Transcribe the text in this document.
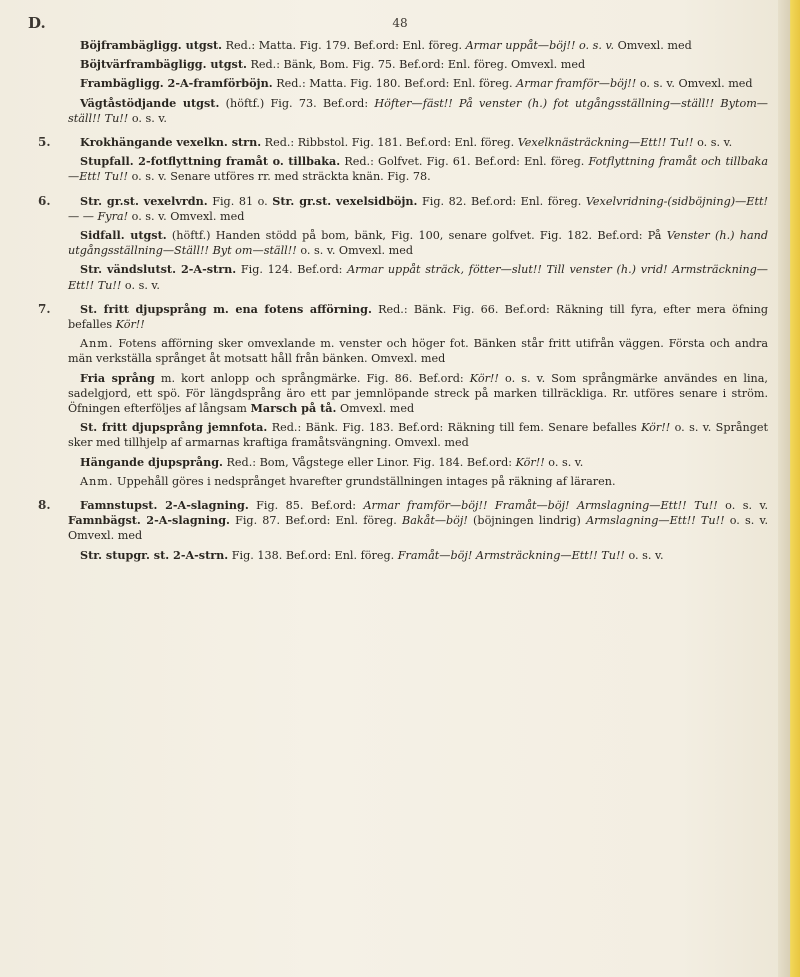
D.	48

Böjframbägligg. utgst. Red.: Matta. Fig. 179. Bef.ord: Enl. föreg. Armar uppåt—böj!! o. s. v. Omvexl. med

Böjtvärframbägligg. utgst. Red.: Bänk, Bom. Fig. 75. Bef.ord: Enl. föreg. Omvexl. med

Frambägligg. 2-A-framförböjn. Red.: Matta. Fig. 180. Bef.ord: Enl. föreg. Armar framför—böj!! o. s. v. Omvexl. med

Vägtåstödjande utgst. (höftf.) Fig. 73. Bef.ord: Höfter—fäst!! På venster (h.) fot utgångsställning—ställ!! Bytom—ställ!! Tu!! o. s. v.

5.	Krokhängande vexelkn. strn. Red.: Ribbstol. Fig. 181. Bef.ord: Enl. föreg. Vexelknästräckning—Ett!! Tu!! o. s. v.

Stupfall. 2-fotflyttning framåt o. tillbaka. Red.: Golfvet. Fig. 61. Bef.ord: Enl. föreg. Fotflyttning framåt och tillbaka—Ett! Tu!! o. s. v. Senare utföres rr. med sträckta knän. Fig. 78.

6.	Str. gr.st. vexelvrdn. Fig. 81 o. Str. gr.st. vexelsidböjn. Fig. 82. Bef.ord: Enl. föreg. Vexelvridning-(sidböjning)—Ett! — — Fyra! o. s. v. Omvexl. med

Sidfall. utgst. (höftf.) Handen stödd på bom, bänk, Fig. 100, senare golfvet. Fig. 182. Bef.ord: På Venster (h.) hand utgångsställning—Ställ!! Byt om—ställ!! o. s. v. Omvexl. med

Str. vändslutst. 2-A-strn. Fig. 124. Bef.ord: Armar uppåt sträck, fötter—slut!! Till venster (h.) vrid! Armsträckning—Ett!! Tu!! o. s. v.

7.	St. fritt djupsprång m. ena fotens afförning. Red.: Bänk. Fig. 66. Bef.ord: Räkning till fyra, efter mera öfning befalles Kör!!

Anm. Fotens afförning sker omvexlande m. venster och höger fot. Bänken står fritt utifrån väggen. Första och andra män verkställa språnget åt motsatt håll från bänken. Omvexl. med

Fria språng m. kort anlopp och språngmärke. Fig. 86. Bef.ord: Kör!! o. s. v. Som språngmärke användes en lina, sadelgjord, ett spö. För längdsprång äro ett par jemnlöpande streck på marken tillräckliga. Rr. utföres senare i ström. Öfningen efterföljes af långsam Marsch på tå. Omvexl. med

St. fritt djupsprång jemnfota. Red.: Bänk. Fig. 183. Bef.ord: Räkning till fem. Senare befalles Kör!! o. s. v. Språnget sker med tillhjelp af armarnas kraftiga framåtsvängning. Omvexl. med

Hängande djupsprång. Red.: Bom, Vågstege eller Linor. Fig. 184. Bef.ord: Kör!! o. s. v.

Anm. Uppehåll göres i nedsprånget hvarefter grundställningen intages på räkning af läraren.

8.	Famnstupst. 2-A-slagning. Fig. 85. Bef.ord: Armar framför—böj!! Framåt—böj! Armslagning—Ett!! Tu!! o. s. v. Famnbägst. 2-A-slagning. Fig. 87. Bef.ord: Enl. föreg. Bakåt—böj! (böjningen lindrig) Armslagning—Ett!! Tu!! o. s. v. Omvexl. med

Str. stupgr. st. 2-A-strn. Fig. 138. Bef.ord: Enl. föreg. Framåt—böj! Armsträckning—Ett!! Tu!! o. s. v.
